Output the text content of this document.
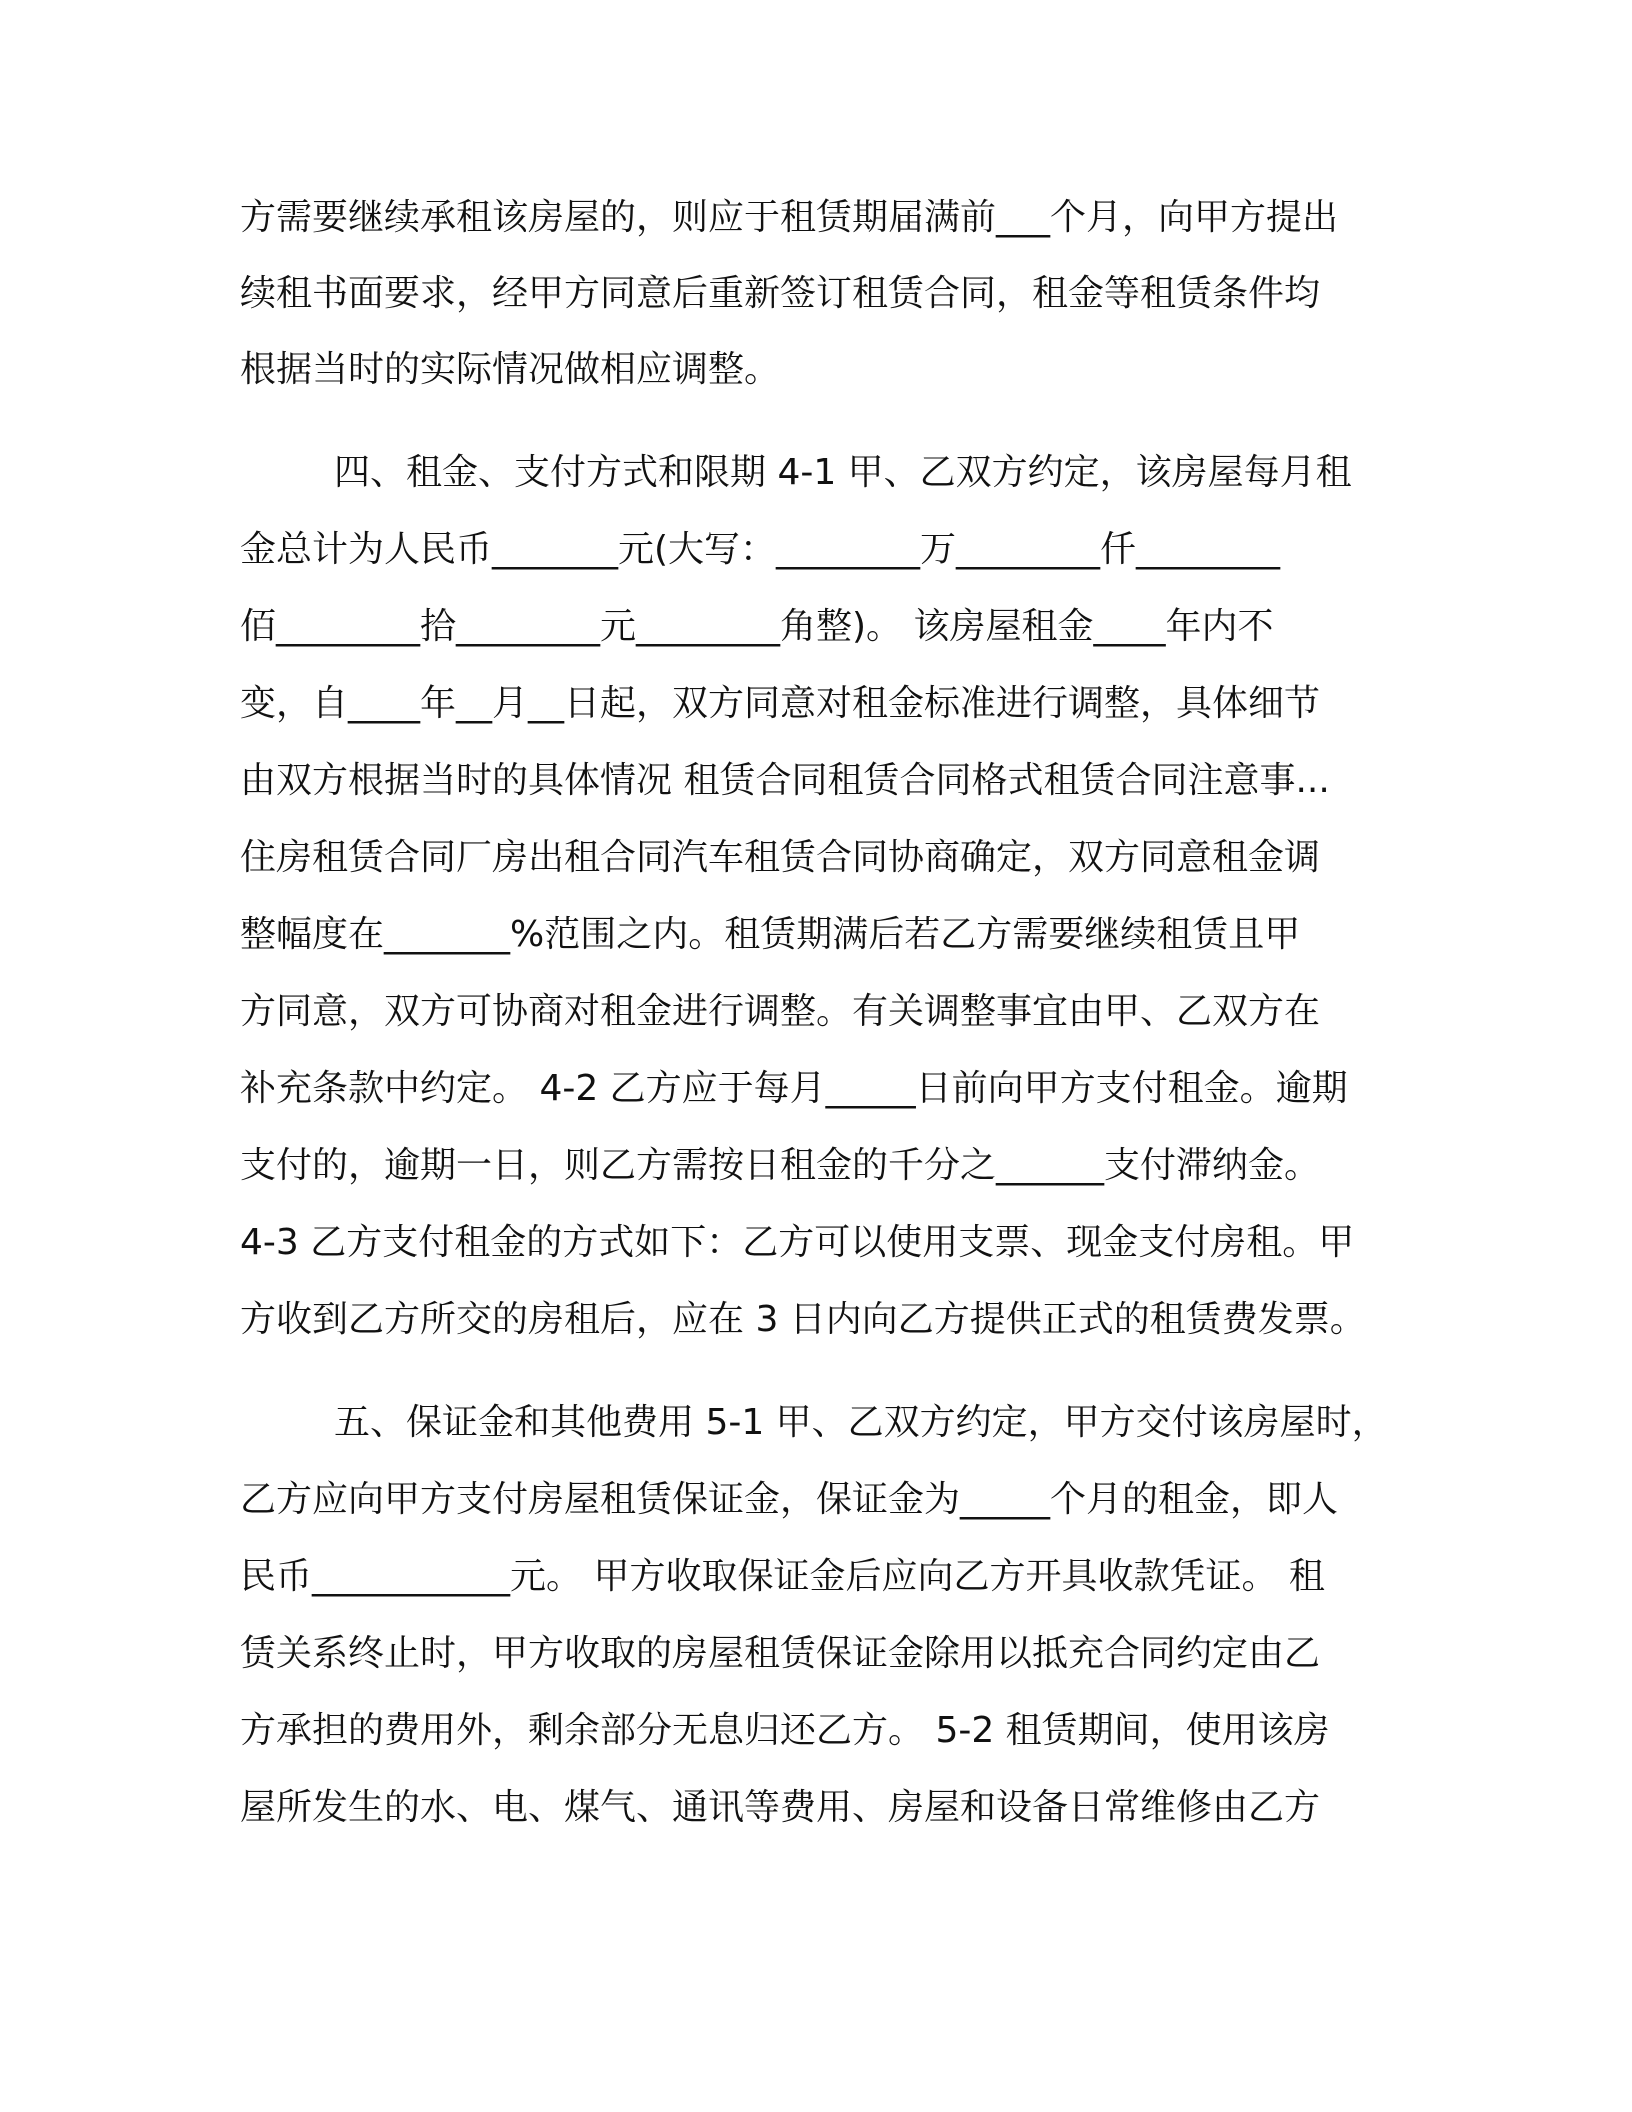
方需要继续承租该房屋的，则应于租赁期届满前___个月，向甲方提出

续租书面要求，经甲方同意后重新签订租赁合同，租金等租赁条件均

根据当时的实际情况做相应调整。

四、租金、支付方式和限期 4-1 甲、乙双方约定，该房屋每月租

金总计为人民币_______元(大写：________万________仟________

佰________拾________元________角整)。 该房屋租金____年内不

变，自____年__月__日起，双方同意对租金标准进行调整，具体细节

由双方根据当时的具体情况 租赁合同租赁合同格式租赁合同注意事...

住房租赁合同厂房出租合同汽车租赁合同协商确定，双方同意租金调

整幅度在_______%范围之内。租赁期满后若乙方需要继续租赁且甲

方同意，双方可协商对租金进行调整。有关调整事宜由甲、乙双方在

补充条款中约定。 4-2 乙方应于每月_____日前向甲方支付租金。逾期

支付的，逾期一日，则乙方需按日租金的千分之______支付滞纳金。

4-3 乙方支付租金的方式如下：乙方可以使用支票、现金支付房租。甲

方收到乙方所交的房租后，应在 3 日内向乙方提供正式的租赁费发票。

五、保证金和其他费用 5-1 甲、乙双方约定，甲方交付该房屋时，

乙方应向甲方支付房屋租赁保证金，保证金为_____个月的租金，即人

民币___________元。 甲方收取保证金后应向乙方开具收款凭证。 租

赁关系终止时，甲方收取的房屋租赁保证金除用以抵充合同约定由乙

方承担的费用外，剩余部分无息归还乙方。 5-2 租赁期间，使用该房

屋所发生的水、电、煤气、通讯等费用、房屋和设备日常维修由乙方
